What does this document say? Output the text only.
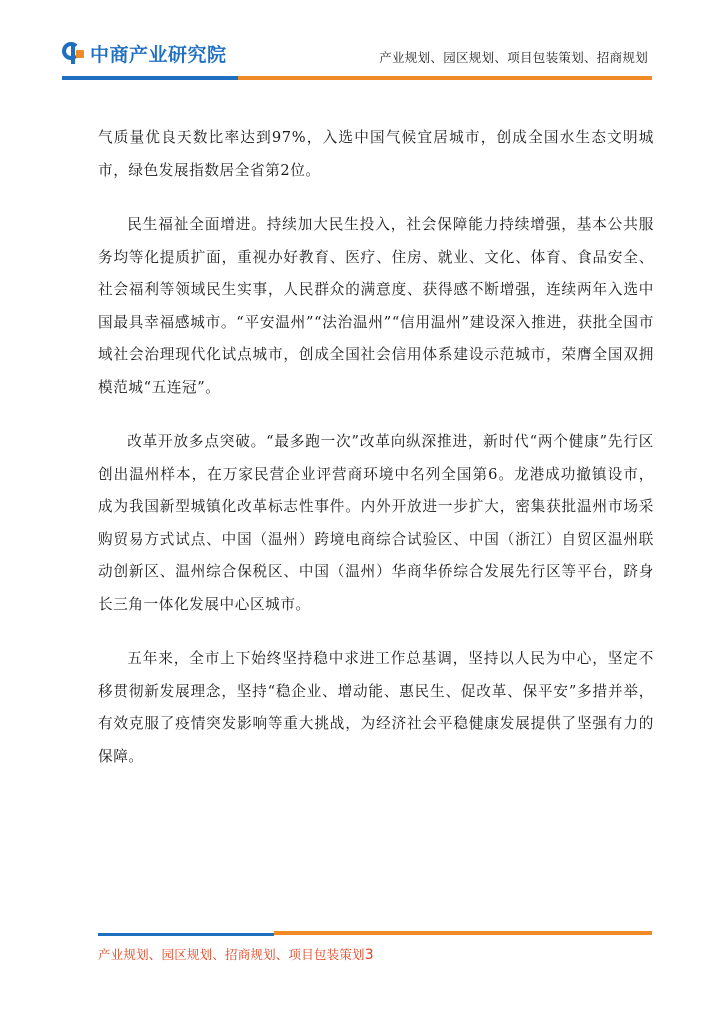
中商产业研究院	产业规划、园区规划、项目包装策划、招商规划

气质量优良天数比率达到97%，入选中国气候宜居城市，创成全国水生态文明城市，绿色发展指数居全省第2位。

民生福祉全面增进。持续加大民生投入，社会保障能力持续增强，基本公共服务均等化提质扩面，重视办好教育、医疗、住房、就业、文化、体育、食品安全、社会福利等领域民生实事，人民群众的满意度、获得感不断增强，连续两年入选中国最具幸福感城市。“平安温州”“法治温州”“信用温州”建设深入推进，获批全国市域社会治理现代化试点城市，创成全国社会信用体系建设示范城市，荣膺全国双拥模范城“五连冠”。

改革开放多点突破。“最多跑一次”改革向纵深推进，新时代“两个健康”先行区创出温州样本，在万家民营企业评营商环境中名列全国第6。龙港成功撤镇设市，成为我国新型城镇化改革标志性事件。内外开放进一步扩大，密集获批温州市场采购贸易方式试点、中国（温州）跨境电商综合试验区、中国（浙江）自贸区温州联动创新区、温州综合保税区、中国（温州）华商华侨综合发展先行区等平台，跻身长三角一体化发展中心区城市。

五年来，全市上下始终坚持稳中求进工作总基调，坚持以人民为中心，坚定不移贯彻新发展理念，坚持“稳企业、增动能、惠民生、促改革、保平安”多措并举，有效克服了疫情突发影响等重大挑战，为经济社会平稳健康发展提供了坚强有力的保障。

产业规划、园区规划、招商规划、项目包装策划3
